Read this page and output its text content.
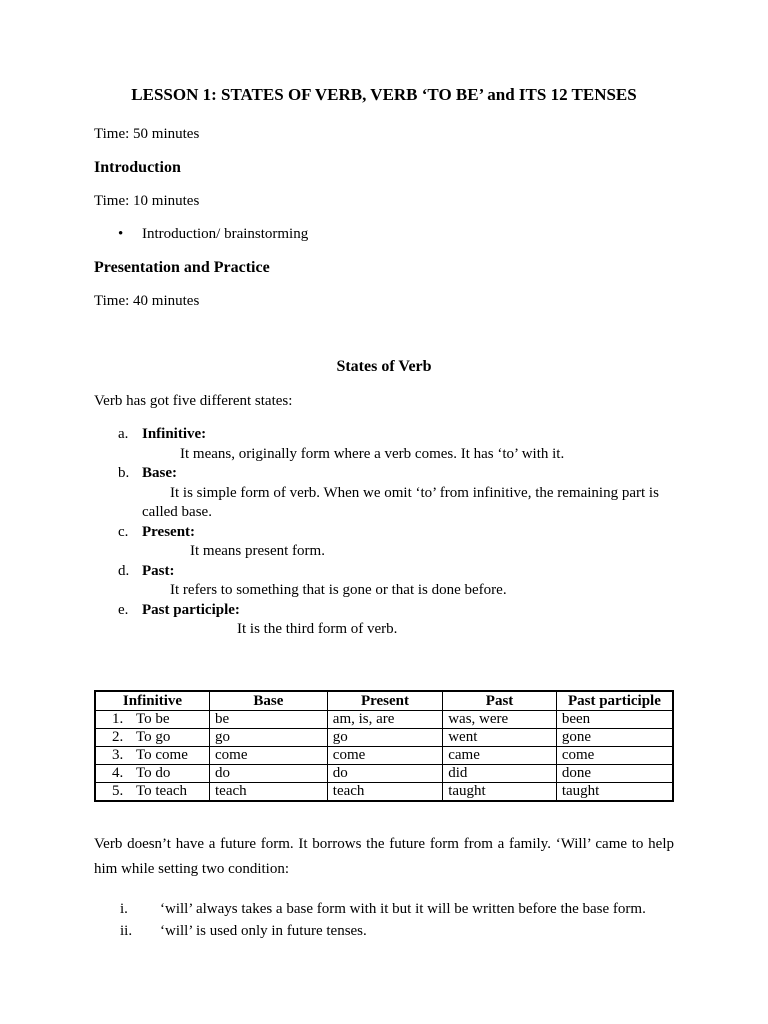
LESSON 1: STATES OF VERB, VERB ‘TO BE’ and ITS 12 TENSES

Time: 50 minutes

Introduction

Time: 10 minutes

•	Introduction/ brainstorming
Presentation and Practice

Time: 40 minutes

States of Verb

Verb has got five different states:

a. Infinitive:
It means, originally form where a verb comes. It has ‘to’ with it.
b. Base:
It is simple form of verb. When we omit ‘to’ from infinitive, the remaining part is called base.
c. Present:
It means present form.
d. Past:
It refers to something that is gone or that is done before.
e. Past participle:
It is the third form of verb.
Infinitive	Base	Present	Past	Past participle
1. To be	be	am, is, are	was, were	been
2. To go	go	go	went	gone
3. To come	come	come	came	come
4. To do	do	do	did	done
5. To teach	teach	teach	taught	taught

Verb doesn’t have a future form. It borrows the future form from a family. ‘Will’ came to help him while setting two condition:

i.	‘will’ always takes a base form with it but it will be written before the base form.
ii.	‘will’ is used only in future tenses.
